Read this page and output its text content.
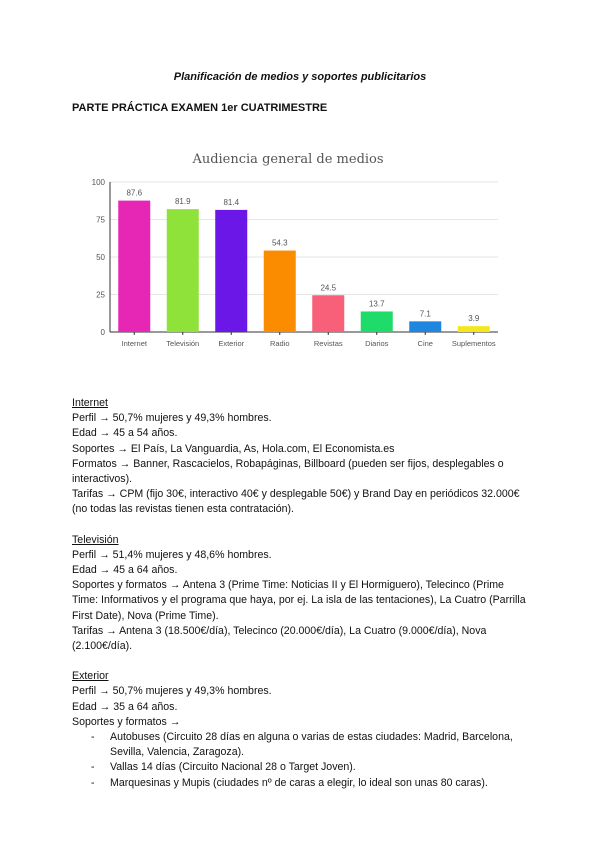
Planificación de medios y soportes publicitarios
PARTE PRÁCTICA EXAMEN 1er CUATRIMESTRE
Audiencia general de medios
0
25
50
75
100
87.6
Internet
81.9
Televisión
81.4
Exterior
54.3
Radio
24.5
Revistas
13.7
Diarios
7.1
Cine
3.9
Suplementos
Internet
Perfil → 50,7% mujeres y 49,3% hombres.
Edad → 45 a 54 años.
Soportes → El País, La Vanguardia, As, Hola.com, El Economista.es
Formatos → Banner, Rascacielos, Robapáginas, Billboard (pueden ser fijos, desplegables o interactivos).
Tarifas → CPM (fijo 30€, interactivo 40€ y desplegable 50€) y Brand Day en periódicos 32.000€ (no todas las revistas tienen esta contratación).
Televisión
Perfil → 51,4% mujeres y 48,6% hombres.
Edad → 45 a 64 años.
Soportes y formatos → Antena 3 (Prime Time: Noticias II y El Hormiguero), Telecinco (Prime Time: Informativos y el programa que haya, por ej. La isla de las tentaciones), La Cuatro (Parrilla First Date), Nova (Prime Time).
Tarifas → Antena 3 (18.500€/día), Telecinco (20.000€/día), La Cuatro (9.000€/día), Nova (2.100€/día).
Exterior
Perfil → 50,7% mujeres y 49,3% hombres.
Edad → 35 a 64 años.
Soportes y formatos →
- Autobuses (Circuito 28 días en alguna o varias de estas ciudades: Madrid, Barcelona, Sevilla, Valencia, Zaragoza).
- Vallas 14 días (Circuito Nacional 28 o Target Joven).
- Marquesinas y Mupis (ciudades nº de caras a elegir, lo ideal son unas 80 caras).
